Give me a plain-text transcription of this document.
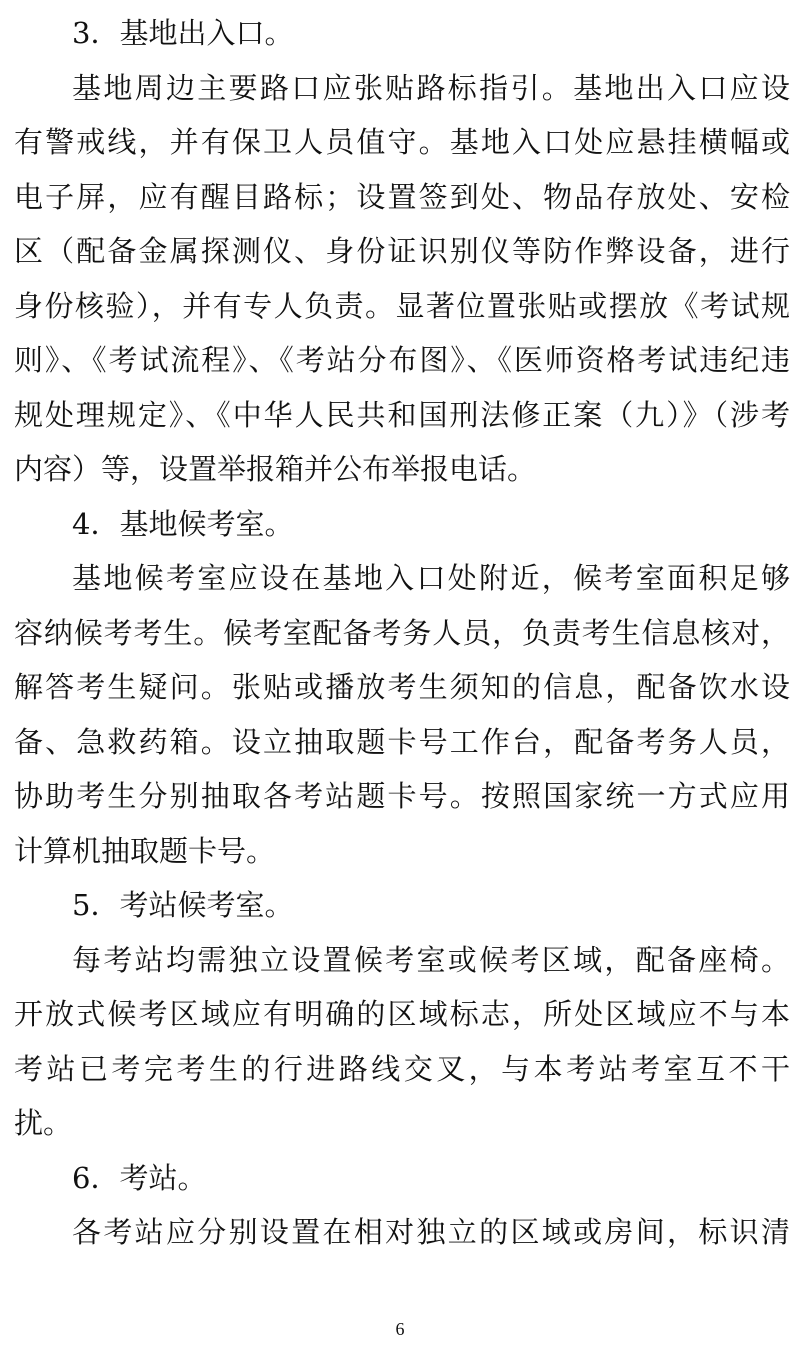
3．基地出入口。
基地周边主要路口应张贴路标指引。基地出入口应设
有警戒线，并有保卫人员值守。基地入口处应悬挂横幅或
电子屏，应有醒目路标；设置签到处、物品存放处、安检
区（配备金属探测仪、身份证识别仪等防作弊设备，进行
身份核验），并有专人负责。显著位置张贴或摆放《考试规
则》、《考试流程》、《考站分布图》、《医师资格考试违纪违
规处理规定》、《中华人民共和国刑法修正案（九）》（涉考
内容）等，设置举报箱并公布举报电话。
4．基地候考室。
基地候考室应设在基地入口处附近，候考室面积足够
容纳候考考生。候考室配备考务人员，负责考生信息核对，
解答考生疑问。张贴或播放考生须知的信息，配备饮水设
备、急救药箱。设立抽取题卡号工作台，配备考务人员，
协助考生分别抽取各考站题卡号。按照国家统一方式应用
计算机抽取题卡号。
5．考站候考室。
每考站均需独立设置候考室或候考区域，配备座椅。
开放式候考区域应有明确的区域标志，所处区域应不与本
考站已考完考生的行进路线交叉，与本考站考室互不干
扰。
6．考站。
各考站应分别设置在相对独立的区域或房间，标识清
6
